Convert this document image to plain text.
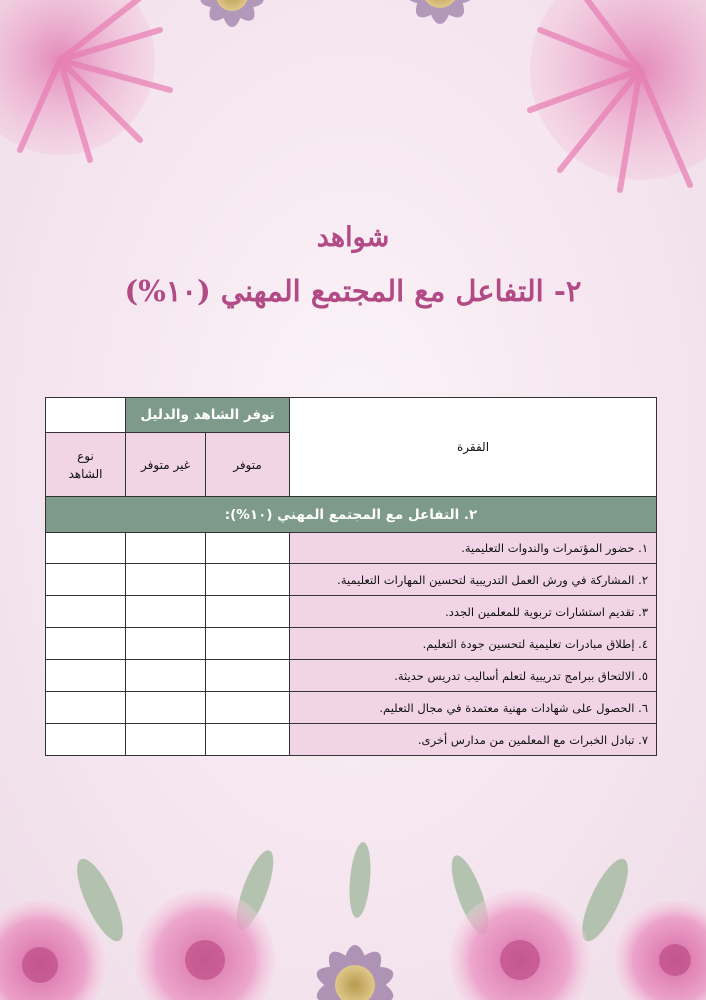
شواهد
٢- التفاعل مع المجتمع المهني (١٠%)
	توفر الشاهد والدليل		الفقرة
نوع الشاهد	غير متوفر	متوفر	
٢. التفاعل مع المجتمع المهني (١٠%):			
			١. حضور المؤتمرات والندوات التعليمية.
			٢. المشاركة في ورش العمل التدريبية لتحسين المهارات التعليمية.
			٣. تقديم استشارات تربوية للمعلمين الجدد.
			٤. إطلاق مبادرات تعليمية لتحسين جودة التعليم.
			٥. الالتحاق ببرامج تدريبية لتعلم أساليب تدريس حديثة.
			٦. الحصول على شهادات مهنية معتمدة في مجال التعليم.
			٧. تبادل الخبرات مع المعلمين من مدارس أخرى.
